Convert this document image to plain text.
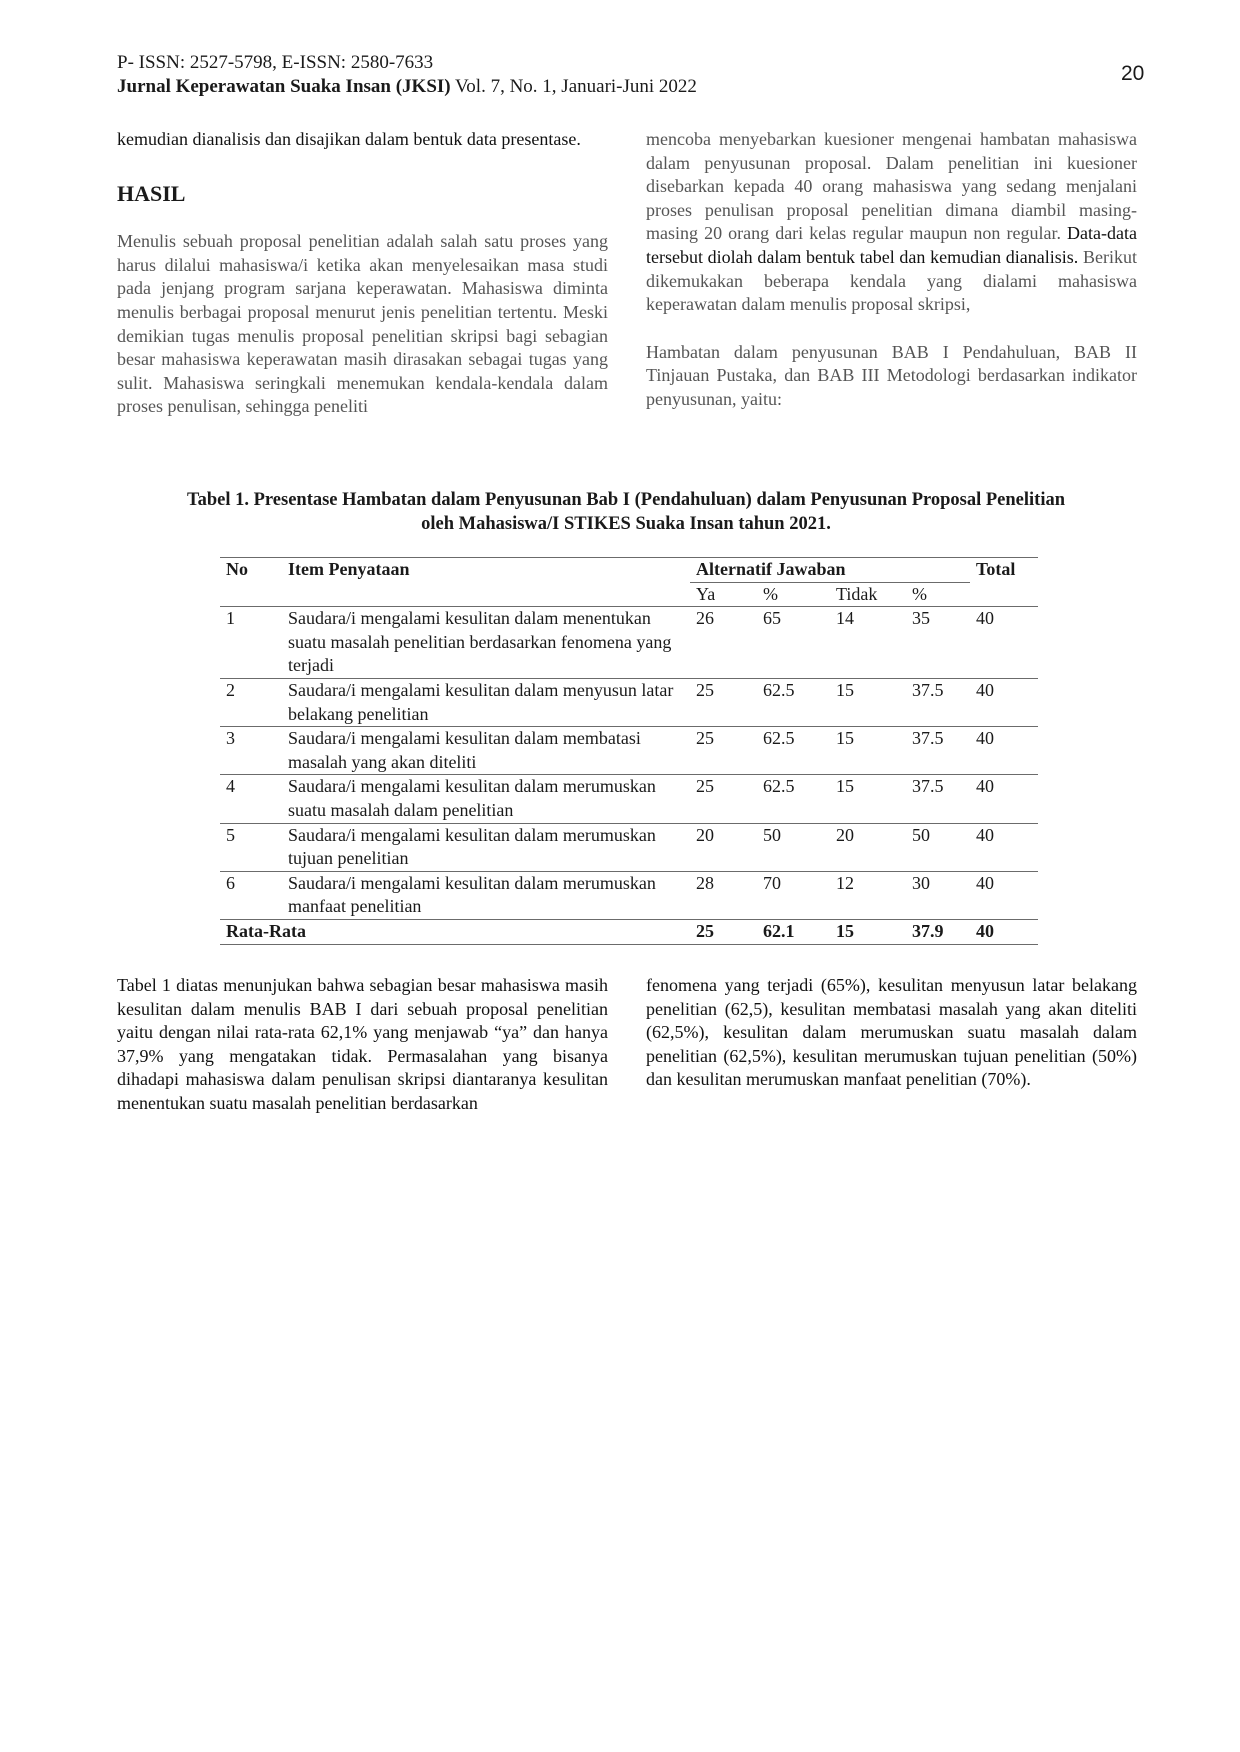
P- ISSN: 2527-5798, E-ISSN: 2580-7633
Jurnal Keperawatan Suaka Insan (JKSI) Vol. 7, No. 1, Januari-Juni 2022
20

kemudian dianalisis dan disajikan dalam bentuk data presentase.

HASIL

Menulis sebuah proposal penelitian adalah salah satu proses yang harus dilalui mahasiswa/i ketika akan menyelesaikan masa studi pada jenjang program sarjana keperawatan. Mahasiswa diminta menulis berbagai proposal menurut jenis penelitian tertentu. Meski demikian tugas menulis proposal penelitian skripsi bagi sebagian besar mahasiswa keperawatan masih dirasakan sebagai tugas yang sulit. Mahasiswa seringkali menemukan kendala-kendala dalam proses penulisan, sehingga peneliti

mencoba menyebarkan kuesioner mengenai hambatan mahasiswa dalam penyusunan proposal. Dalam penelitian ini kuesioner disebarkan kepada 40 orang mahasiswa yang sedang menjalani proses penulisan proposal penelitian dimana diambil masing-masing 20 orang dari kelas regular maupun non regular. Data-data tersebut diolah dalam bentuk tabel dan kemudian dianalisis. Berikut dikemukakan beberapa kendala yang dialami mahasiswa keperawatan dalam menulis proposal skripsi,

Hambatan dalam penyusunan BAB I Pendahuluan, BAB II Tinjauan Pustaka, dan BAB III Metodologi berdasarkan indikator penyusunan, yaitu:

Tabel 1. Presentase Hambatan dalam Penyusunan Bab I (Pendahuluan) dalam Penyusunan Proposal Penelitian
oleh Mahasiswa/I STIKES Suaka Insan tahun 2021.
No	Item Penyataan	Alternatif Jawaban				Total
		Ya	%	Tidak	%	
1	Saudara/i mengalami kesulitan dalam menentukan suatu masalah penelitian berdasarkan fenomena yang terjadi	26	65	14	35	40
2	Saudara/i mengalami kesulitan dalam menyusun latar belakang penelitian	25	62.5	15	37.5	40
3	Saudara/i mengalami kesulitan dalam membatasi masalah yang akan diteliti	25	62.5	15	37.5	40
4	Saudara/i mengalami kesulitan dalam merumuskan suatu masalah dalam penelitian	25	62.5	15	37.5	40
5	Saudara/i mengalami kesulitan dalam merumuskan tujuan penelitian	20	50	20	50	40
6	Saudara/i mengalami kesulitan dalam merumuskan manfaat penelitian	28	70	12	30	40
Rata-Rata		25	62.1	15	37.9	40

Tabel 1 diatas menunjukan bahwa sebagian besar mahasiswa masih kesulitan dalam menulis BAB I dari sebuah proposal penelitian yaitu dengan nilai rata-rata 62,1% yang menjawab “ya” dan hanya 37,9% yang mengatakan tidak. Permasalahan yang bisanya dihadapi mahasiswa dalam penulisan skripsi diantaranya kesulitan menentukan suatu masalah penelitian berdasarkan

fenomena yang terjadi (65%), kesulitan menyusun latar belakang penelitian (62,5), kesulitan membatasi masalah yang akan diteliti (62,5%), kesulitan dalam merumuskan suatu masalah dalam penelitian (62,5%), kesulitan merumuskan tujuan penelitian (50%) dan kesulitan merumuskan manfaat penelitian (70%).
